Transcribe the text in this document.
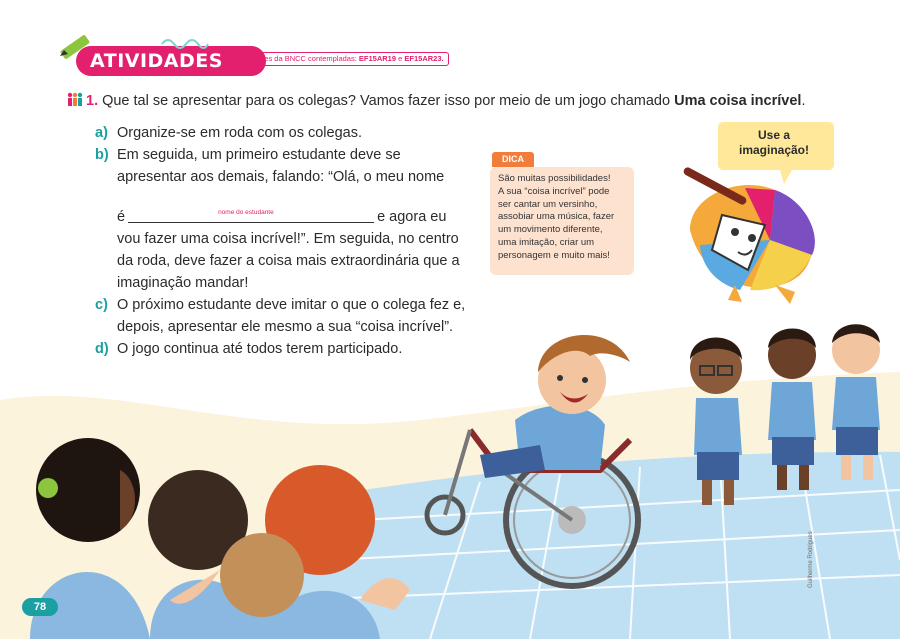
ATIVIDADES	Habilidades da BNCC contempladas: EF15AR19 e EF15AR23.
1. Que tal se apresentar para os colegas? Vamos fazer isso por meio de um jogo chamado Uma coisa incrível.
a) Organize-se em roda com os colegas.
b) Em seguida, um primeiro estudante deve se
apresentar aos demais, falando: “Olá, o meu nome
é	nome do estudante	e agora eu
vou fazer uma coisa incrível!”. Em seguida, no centro
da roda, deve fazer a coisa mais extraordinária que a
imaginação mandar!
c) O próximo estudante deve imitar o que o colega fez e,
depois, apresentar ele mesmo a sua “coisa incrível”.
d) O jogo continua até todos terem participado.
DICA
São muitas possibilidades!
A sua “coisa incrível” pode
ser cantar um versinho,
assobiar uma música, fazer
um movimento diferente,
uma imitação, criar um
personagem e muito mais!
Use a
imaginação!
78
Guilherme Rodrigues
